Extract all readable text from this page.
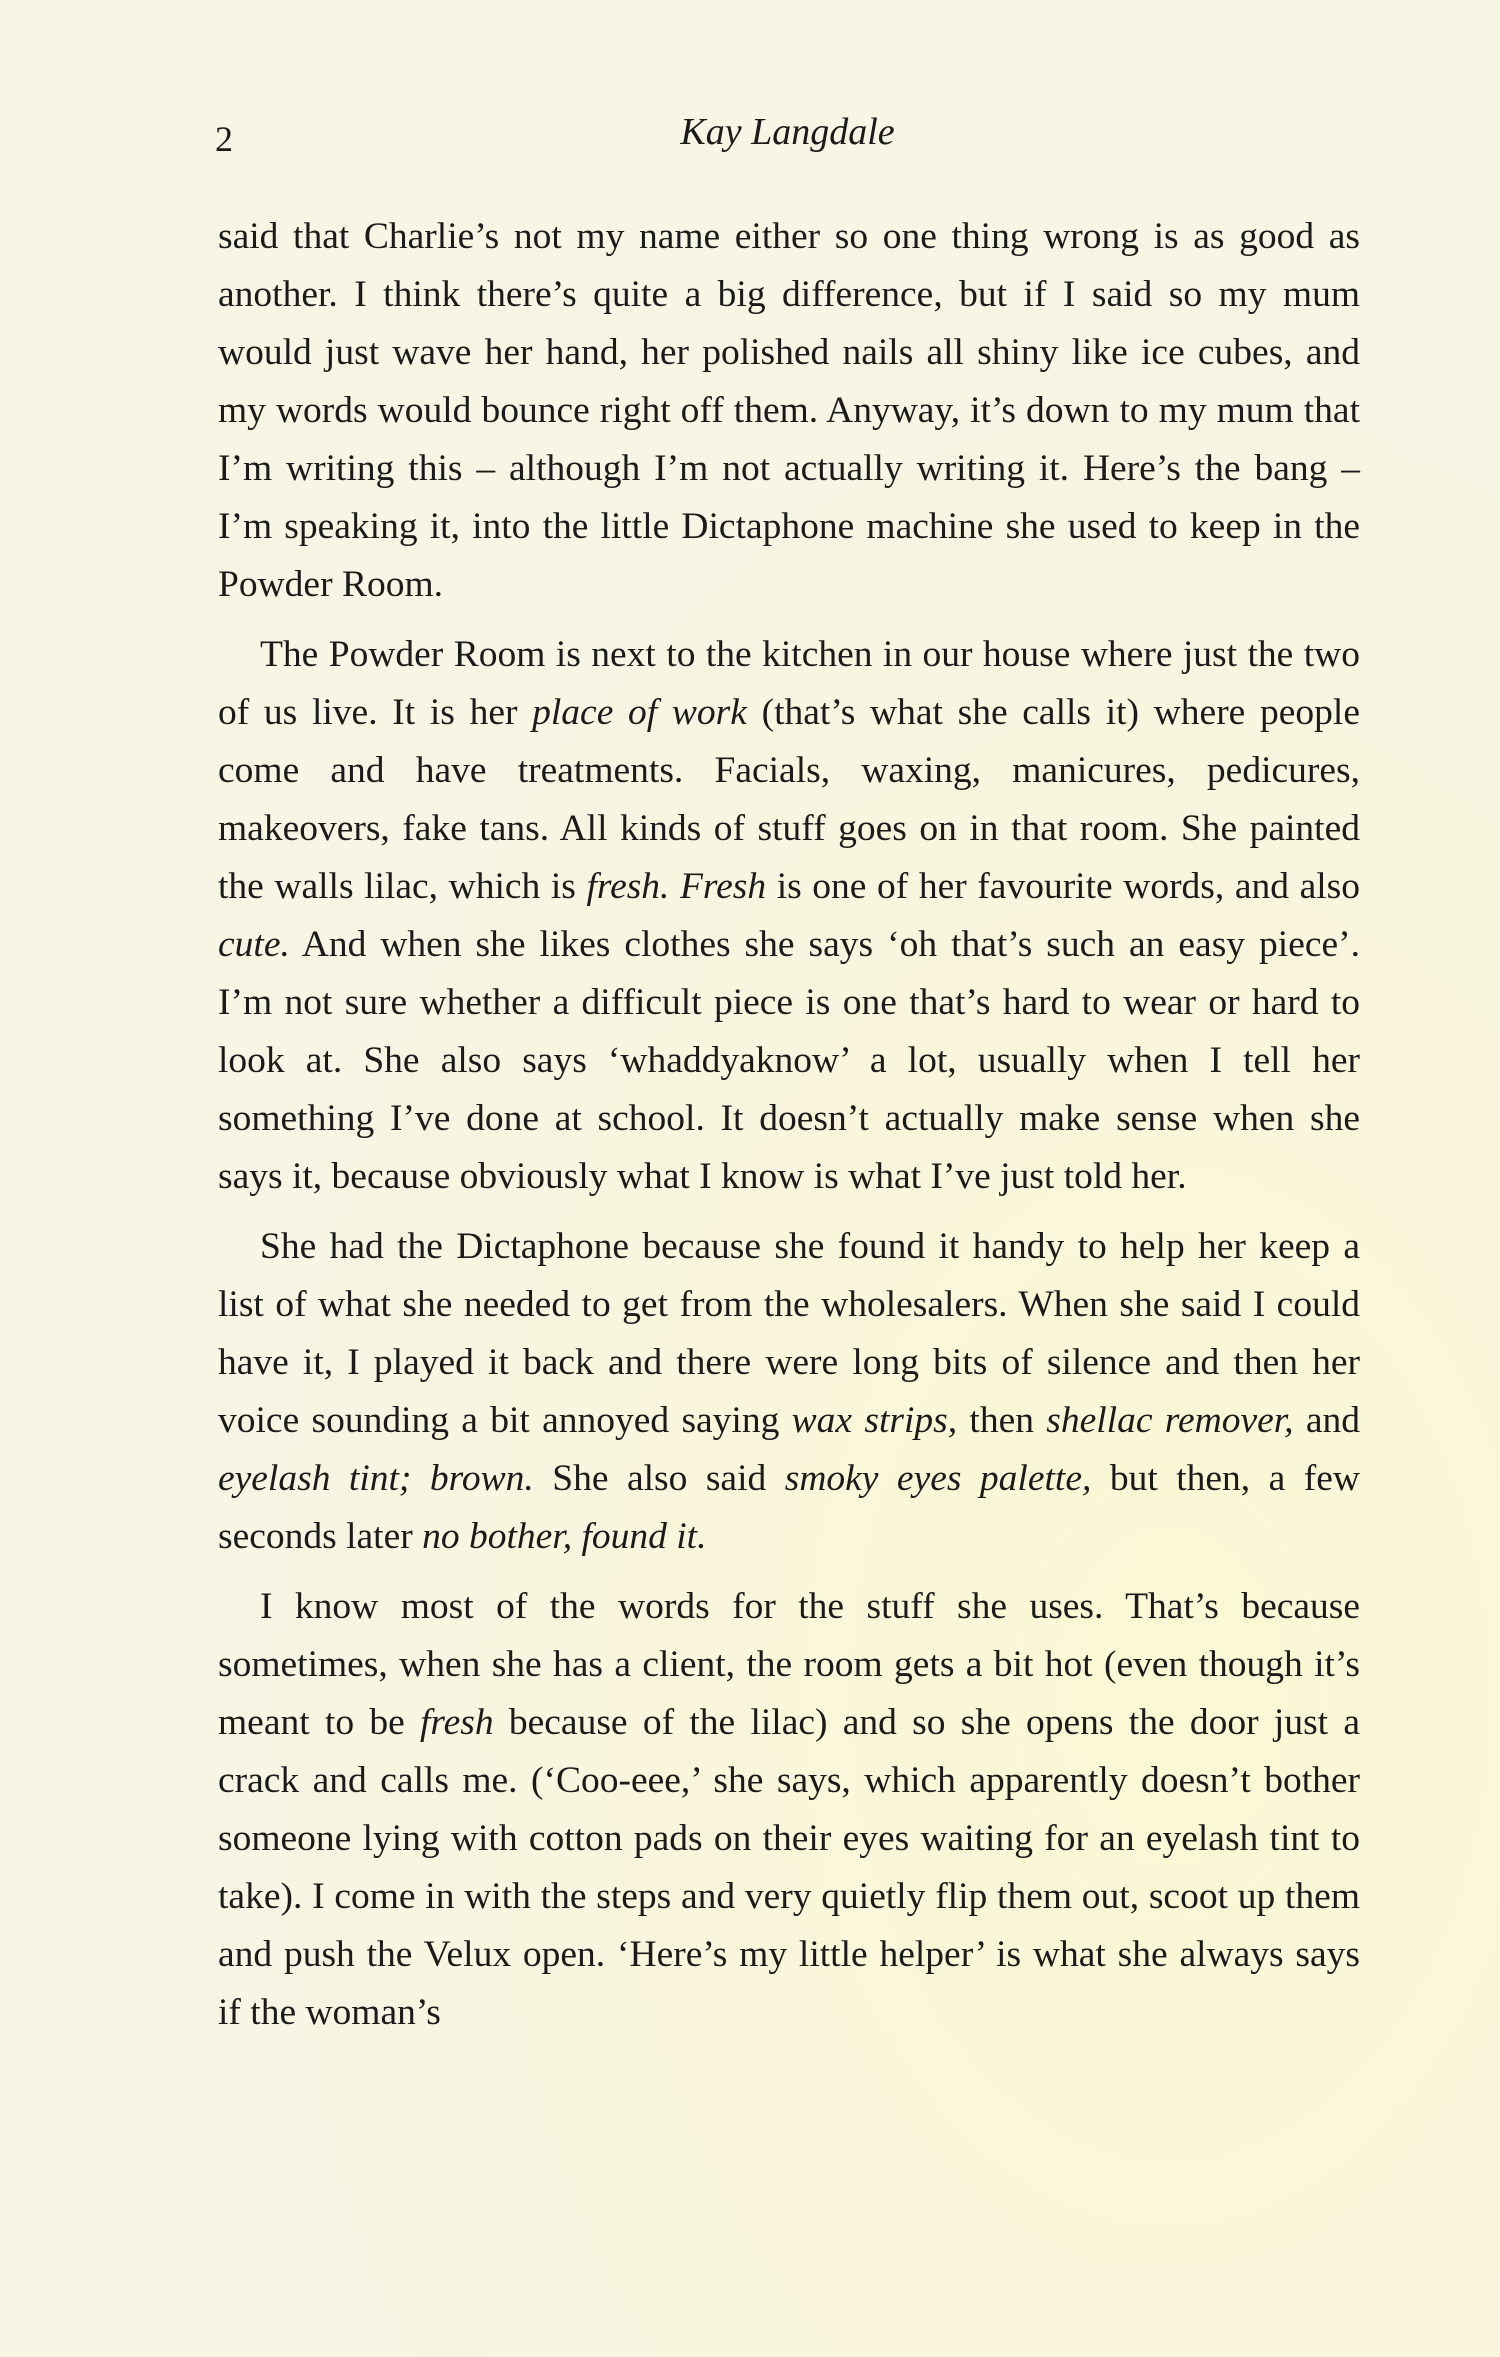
2	Kay Langdale

said that Charlie’s not my name either so one thing wrong is as good as another. I think there’s quite a big difference, but if I said so my mum would just wave her hand, her polished nails all shiny like ice cubes, and my words would bounce right off them. Anyway, it’s down to my mum that I’m writing this – although I’m not actually writing it. Here’s the bang – I’m speaking it, into the little Dictaphone machine she used to keep in the Powder Room.

The Powder Room is next to the kitchen in our house where just the two of us live. It is her place of work (that’s what she calls it) where people come and have treatments. Facials, waxing, manicures, pedicures, makeovers, fake tans. All kinds of stuff goes on in that room. She painted the walls lilac, which is fresh. Fresh is one of her favourite words, and also cute. And when she likes clothes she says ‘oh that’s such an easy piece’. I’m not sure whether a difficult piece is one that’s hard to wear or hard to look at. She also says ‘whaddyaknow’ a lot, usually when I tell her something I’ve done at school. It doesn’t actually make sense when she says it, because obviously what I know is what I’ve just told her.

She had the Dictaphone because she found it handy to help her keep a list of what she needed to get from the wholesalers. When she said I could have it, I played it back and there were long bits of silence and then her voice sounding a bit annoyed saying wax strips, then shellac remover, and eyelash tint; brown. She also said smoky eyes palette, but then, a few seconds later no bother, found it.

I know most of the words for the stuff she uses. That’s because sometimes, when she has a client, the room gets a bit hot (even though it’s meant to be fresh because of the lilac) and so she opens the door just a crack and calls me. (‘Coo-eee,’ she says, which apparently doesn’t bother someone lying with cotton pads on their eyes waiting for an eyelash tint to take). I come in with the steps and very quietly flip them out, scoot up them and push the Velux open. ‘Here’s my little helper’ is what she always says if the woman’s
